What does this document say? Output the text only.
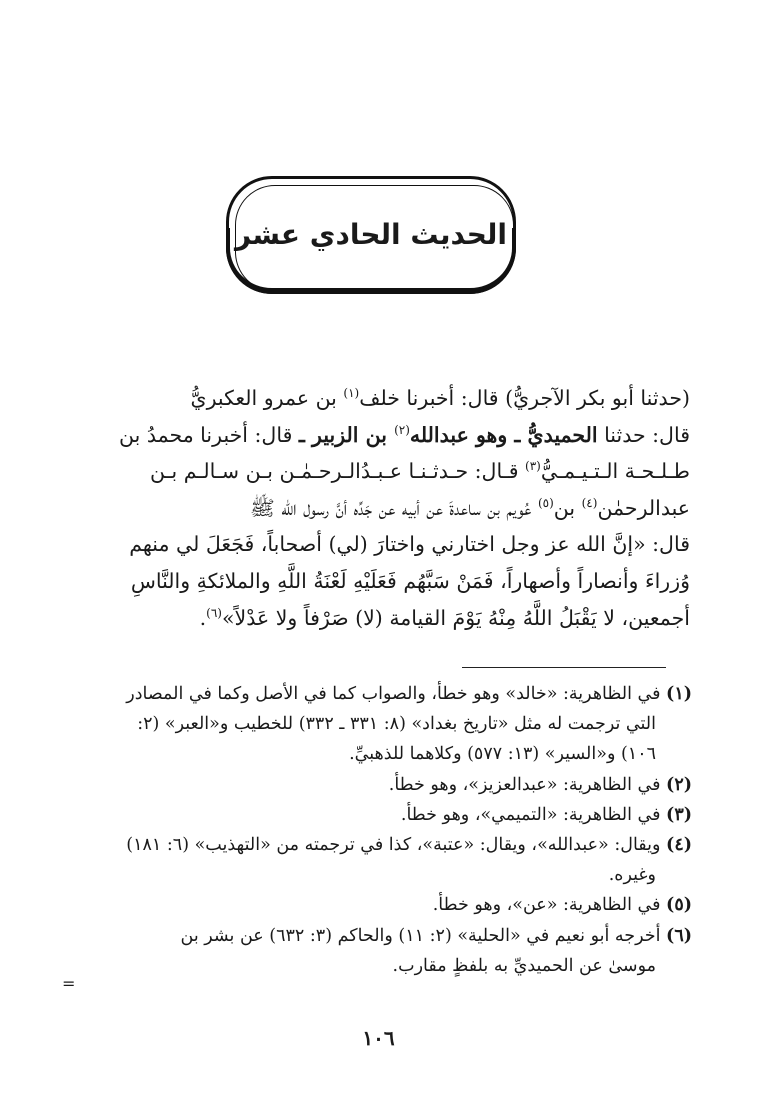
الحديث الحادي عشر
(حدثنا أبو بكر الآجريُّ) قال: أخبرنا خلف$^{(١)}$ بن عمرو العكبريُّ
قال: حدثنا الحميديُّ ـ وهو عبدالله$^{(٢)}$ بن الزبير ـ قال: أخبرنا محمدُ بن
طـلـحـة الـتـيـمـيُّ$^{(٣)}$ قـال: حـدثـنـا عـبـدُالـرحـمٰـن بـن سـالـم بـن
عبدالرحمٰن$^{(٤)}$ بن$^{(٥)}$ عُويم بن ساعدةَ عن أبيه عن جَدِّه أنَّ رسول الله ﷺ
قال: «إنَّ الله عز وجل اختارني واختارَ (لي) أصحاباً، فَجَعَلَ لي منهم
وُزراءَ وأنصاراً وأصهاراً، فَمَنْ سَبَّهُم فَعَلَيْهِ لَعْنَةُ اللَّهِ والملائكةِ والنَّاسِ
أجمعين، لا يَقْبَلُ اللَّهُ مِنْهُ يَوْمَ القيامة (لا) صَرْفاً ولا عَدْلاً»$^{(٦)}$.
(١) في الظاهرية: «خالد» وهو خطأ، والصواب كما في الأصل وكما في المصادر
التي ترجمت له مثل «تاريخ بغداد» (٨: ٣٣١ ـ ٣٣٢) للخطيب و«العبر» (٢:
١٠٦) و«السير» (١٣: ٥٧٧) وكلاهما للذهبيِّ.
(٢) في الظاهرية: «عبدالعزيز»، وهو خطأ.
(٣) في الظاهرية: «التميمي»، وهو خطأ.
(٤) ويقال: «عبدالله»، ويقال: «عتبة»، كذا في ترجمته من «التهذيب» (٦: ١٨١)
وغيره.
(٥) في الظاهرية: «عن»، وهو خطأ.
(٦) أخرجه أبو نعيم في «الحلية» (٢: ١١) والحاكم (٣: ٦٣٢) عن بشر بن
موسىٰ عن الحميديِّ به بلفظٍ مقارب.
=
١٠٦
